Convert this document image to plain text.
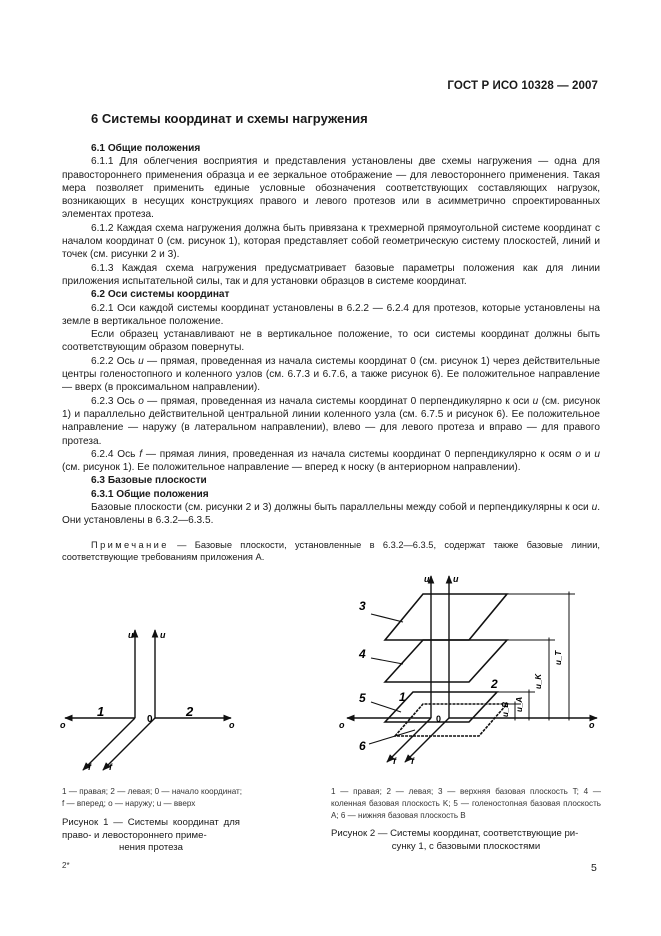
ГОСТ Р ИСО 10328 — 2007
6 Системы координат и схемы нагружения

6.1 Общие положения

6.1.1 Для облегчения восприятия и представления установлены две схемы нагружения — одна для правостороннего применения образца и ее зеркальное отображение — для левостороннего применения. Такая мера позволяет применить единые условные обозначения соответствующих составляющих нагрузок, возникающих в несущих конструкциях правого и левого протезов или в асимметрично спроектированных элементах протеза.

6.1.2 Каждая схема нагружения должна быть привязана к трехмерной прямоугольной системе координат с началом координат 0 (см. рисунок 1), которая представляет собой геометрическую систему плоскостей, линий и точек (см. рисунки 2 и 3).

6.1.3 Каждая схема нагружения предусматривает базовые параметры положения как для линии приложения испытательной силы, так и для установки образцов в системе координат.

6.2 Оси системы координат

6.2.1 Оси каждой системы координат установлены в 6.2.2 — 6.2.4 для протезов, которые установлены на земле в вертикальное положение.

Если образец устанавливают не в вертикальное положение, то оси системы координат должны быть соответствующим образом повернуты.

6.2.2 Ось u — прямая, проведенная из начала системы координат 0 (см. рисунок 1) через действительные центры голеностопного и коленного узлов (см. 6.7.3 и 6.7.6, а также рисунок 6). Ее положительное направление — вверх (в проксимальном направлении).

6.2.3 Ось o — прямая, проведенная из начала системы координат 0 перпендикулярно к оси u (см. рисунок 1) и параллельно действительной центральной линии коленного узла (см. 6.7.5 и рисунок 6). Ее положительное направление — наружу (в латеральном направлении), влево — для левого протеза и вправо — для правого протеза.

6.2.4 Ось f — прямая линия, проведенная из начала системы координат 0 перпендикулярно к осям o и u (см. рисунок 1). Ее положительное направление — вперед к носку (в антериорном направлении).

6.3 Базовые плоскости

6.3.1 Общие положения

Базовые плоскости (см. рисунки 2 и 3) должны быть параллельны между собой и перпендикулярны к оси u. Они установлены в 6.3.2—6.3.5.

Примечание — Базовые плоскости, установленные в 6.3.2—6.3.5, содержат также базовые линии, соответствующие требованиям приложения А.

u	u
o	o
f f
0
1	2
u_T
u_K
u_A
u_B
3
4
5
6
1
2
u	u
o	o
f f
0
1 — правая; 2 — левая; 0 — начало координат; f — вперед; o — наружу; u — вверх
Рисунок 1 — Системы координат для право- и левостороннего приме-
нения протеза
1 — правая; 2 — левая; 3 — верхняя базовая плоскость T; 4 — коленная базовая плоскость K; 5 — голеностопная базовая плоскость A; 6 — нижняя базовая плоскость B
Рисунок 2 — Системы координат, соответствующие ри-
сунку 1, с базовыми плоскостями
2*	5
